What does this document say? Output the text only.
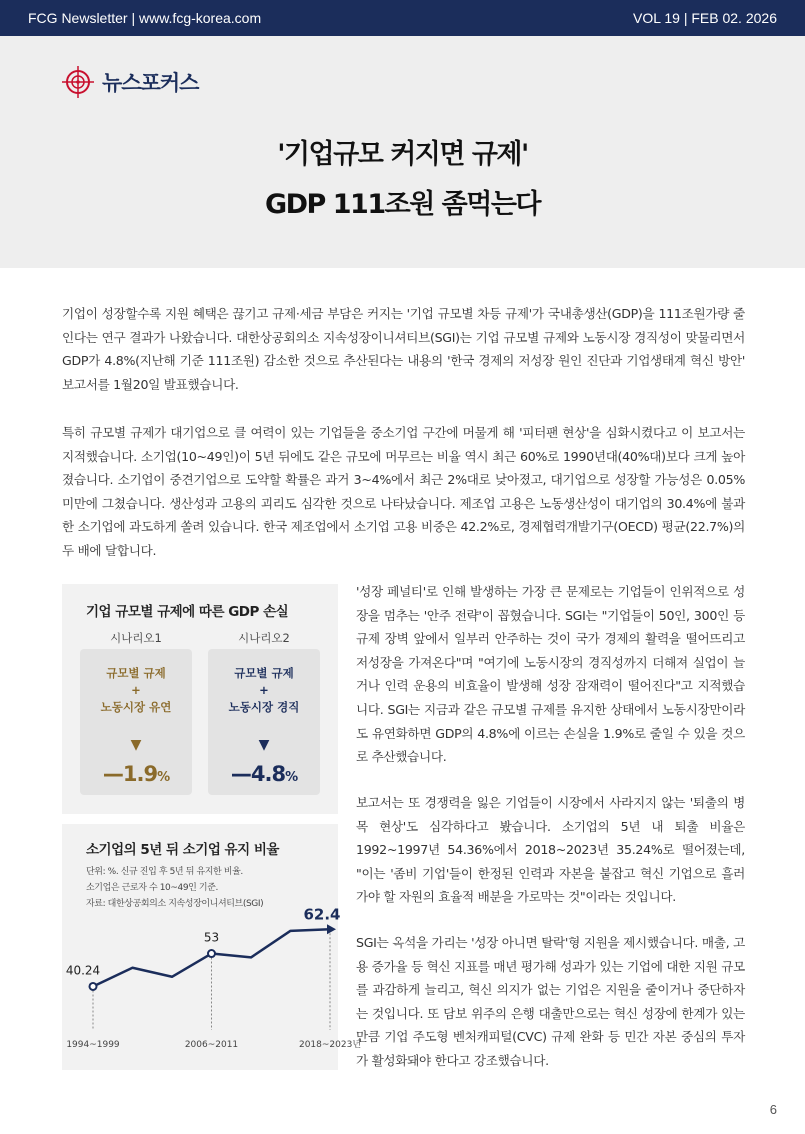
FCG Newsletter | www.fcg-korea.com	VOL 19 | FEB 02. 2026
뉴스포커스
'기업규모 커지면 규제'
GDP 111조원 좀먹는다

기업이 성장할수록 지원 혜택은 끊기고 규제·세금 부담은 커지는 '기업 규모별 차등 규제'가 국내총생산(GDP)을 111조원가량 줄인다는 연구 결과가 나왔습니다. 대한상공회의소 지속성장이니셔티브(SGI)는 기업 규모별 규제와 노동시장 경직성이 맞물리면서 GDP가 4.8%(지난해 기준 111조원) 감소한 것으로 추산된다는 내용의 '한국 경제의 저성장 원인 진단과 기업생태계 혁신 방안' 보고서를 1월20일 발표했습니다.

특히 규모별 규제가 대기업으로 클 여력이 있는 기업들을 중소기업 구간에 머물게 해 '피터팬 현상'을 심화시켰다고 이 보고서는 지적했습니다. 소기업(10~49인)이 5년 뒤에도 같은 규모에 머무르는 비율 역시 최근 60%로 1990년대(40%대)보다 크게 높아졌습니다. 소기업이 중견기업으로 도약할 확률은 과거 3~4%에서 최근 2%대로 낮아졌고, 대기업으로 성장할 가능성은 0.05% 미만에 그쳤습니다. 생산성과 고용의 괴리도 심각한 것으로 나타났습니다. 제조업 고용은 노동생산성이 대기업의 30.4%에 불과한 소기업에 과도하게 쏠려 있습니다. 한국 제조업에서 소기업 고용 비중은 42.2%로, 경제협력개발기구(OECD) 평균(22.7%)의 두 배에 달합니다.

'성장 페널티'로 인해 발생하는 가장 큰 문제로는 기업들이 인위적으로 성장을 멈추는 '안주 전략'이 꼽혔습니다. SGI는 "기업들이 50인, 300인 등 규제 장벽 앞에서 일부러 안주하는 것이 국가 경제의 활력을 떨어뜨리고 저성장을 가져온다"며 "여기에 노동시장의 경직성까지 더해져 실업이 늘거나 인력 운용의 비효율이 발생해 성장 잠재력이 떨어진다"고 지적했습니다. SGI는 지금과 같은 규모별 규제를 유지한 상태에서 노동시장만이라도 유연화하면 GDP의 4.8%에 이르는 손실을 1.9%로 줄일 수 있을 것으로 추산했습니다.

보고서는 또 경쟁력을 잃은 기업들이 시장에서 사라지지 않는 '퇴출의 병목 현상'도 심각하다고 봤습니다. 소기업의 5년 내 퇴출 비율은 1992~1997년 54.36%에서 2018~2023년 35.24%로 떨어졌는데, "이는 '좀비 기업'들이 한정된 인력과 자본을 붙잡고 혁신 기업으로 흘러가야 할 자원의 효율적 배분을 가로막는 것"이라는 것입니다.

SGI는 옥석을 가리는 '성장 아니면 탈락'형 지원을 제시했습니다. 매출, 고용 증가율 등 혁신 지표를 매년 평가해 성과가 있는 기업에 대한 지원 규모를 과감하게 늘리고, 혁신 의지가 없는 기업은 지원을 줄이거나 중단하자는 것입니다. 또 담보 위주의 은행 대출만으로는 혁신 성장에 한계가 있는 만큼 기업 주도형 벤처캐피털(CVC) 규제 완화 등 민간 자본 중심의 투자가 활성화돼야 한다고 강조했습니다.

기업 규모별 규제에 따른 GDP 손실
시나리오1
규모별 규제
+
노동시장 유연
▼
—1.9%
시나리오2
규모별 규제
+
노동시장 경직
▼
—4.8%
소기업의 5년 뒤 소기업 유지 비율
단위: %. 신규 진입 후 5년 뒤 유지한 비율.
소기업은 근로자 수 10~49인 기준.
자료: 대한상공회의소 지속성장이니셔티브(SGI)
40.24
53
62.4
1994~1999	2006~2011	2018~2023년
6
